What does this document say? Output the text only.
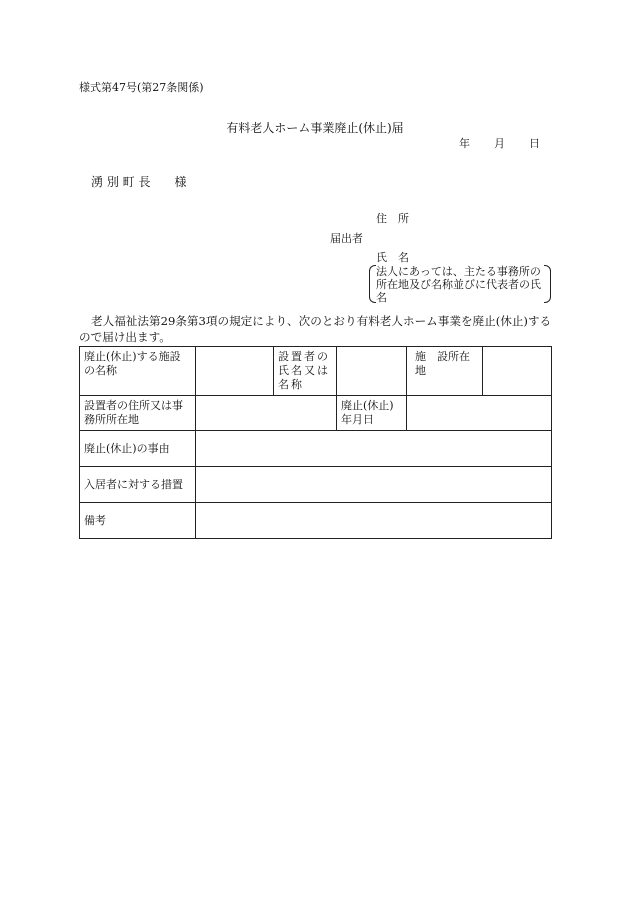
様式第47号(第27条関係)
有料老人ホーム事業廃止(休止)届
年 月 日
湧 別 町 長　　様
住　所
届出者
氏　名
法人にあっては、主たる事務所の所在地及び名称並びに代表者の氏名
老人福祉法第29条第3項の規定により、次のとおり有料老人ホーム事業を廃止(休止)するので届け出ます。
廃止(休止)する施設の名称		設置者の氏名又は名称		施　設所在地	
設置者の住所又は事務所所在地			廃止(休止)年月日		
廃止(休止)の事由					
入居者に対する措置					
備考					
